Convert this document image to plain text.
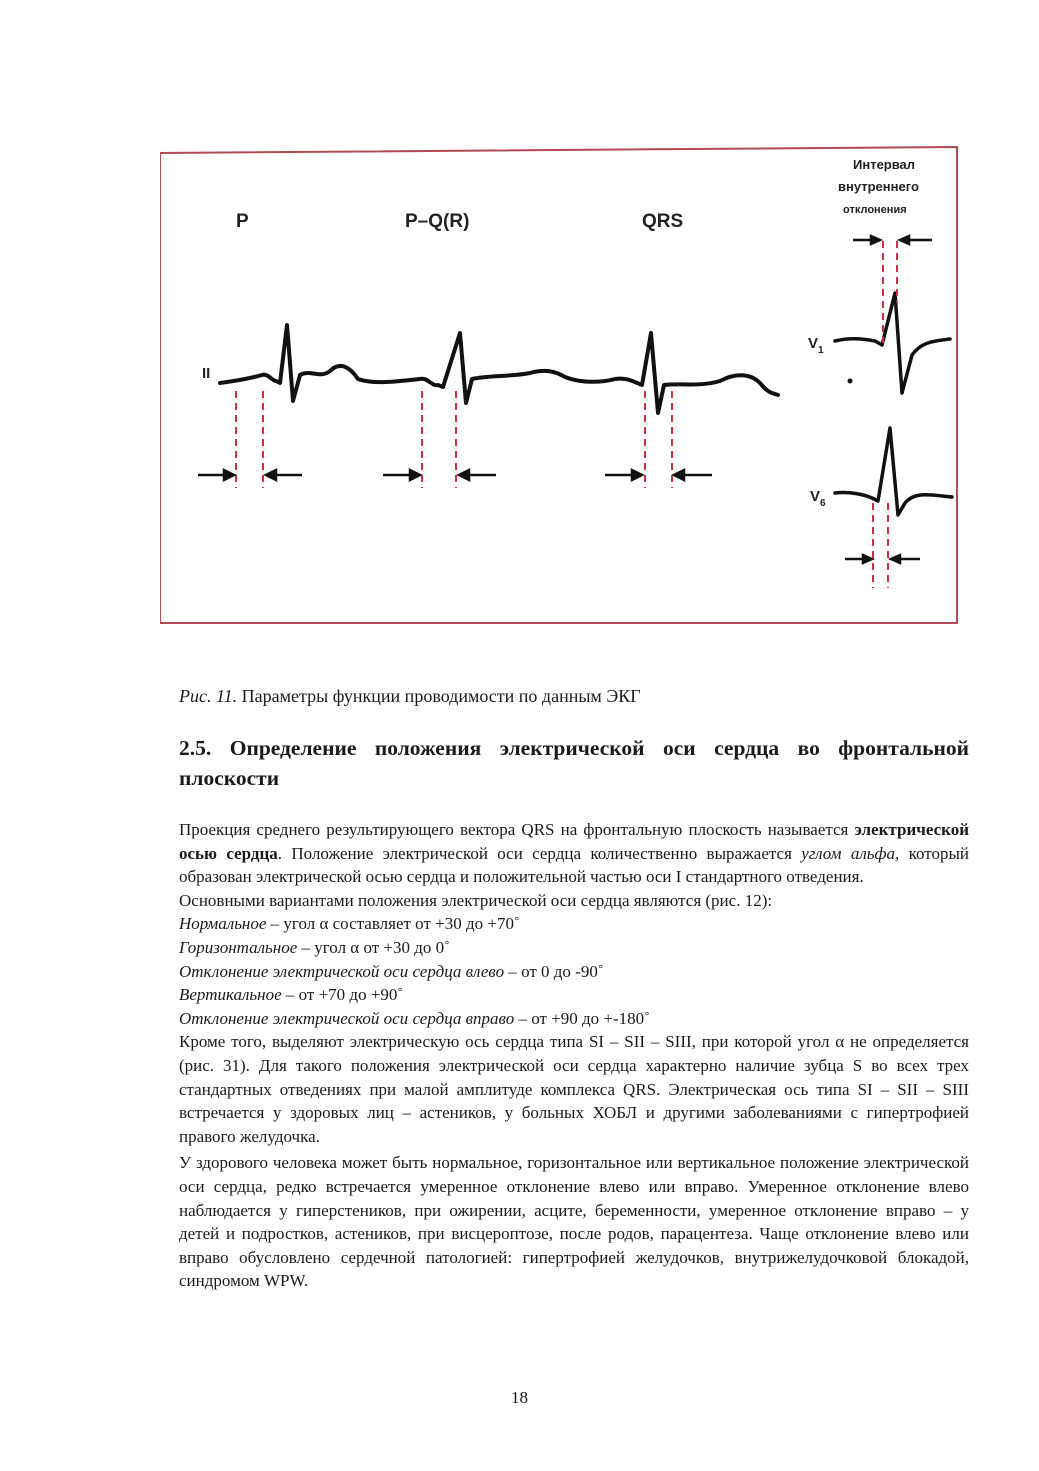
P	P–Q(R)	QRS
Интервал
внутреннего
отклонения
II
$V_1$
$V_6$
Рис. 11. Параметры функции проводимости по данным ЭКГ
2.5. Определение положения электрической оси сердца во фронтальной плоскости

Проекция среднего результирующего вектора QRS на фронтальную плоскость называется электрической осью сердца. Положение электрической оси сердца количественно выражается углом альфа, который образован электрической осью сердца и положительной частью оси I стандартного отведения.

Основными вариантами положения электрической оси сердца являются (рис. 12):

Нормальное – угол α составляет от +30 до +70˚

Горизонтальное – угол α от +30 до 0˚

Отклонение электрической оси сердца влево – от 0 до -90˚

Вертикальное – от +70 до +90˚

Отклонение электрической оси сердца вправо – от +90 до +-180˚

Кроме того, выделяют электрическую ось сердца типа SI – SII – SIII, при которой угол α не определяется (рис. 31). Для такого положения электрической оси сердца характерно наличие зубца S во всех трех стандартных отведениях при малой амплитуде комплекса QRS. Электрическая ось типа SI – SII – SIII встречается у здоровых лиц – астеников, у больных ХОБЛ и другими заболеваниями с гипертрофией правого желудочка.

У здорового человека может быть нормальное, горизонтальное или вертикальное положение электрической оси сердца, редко встречается умеренное отклонение влево или вправо. Умеренное отклонение влево наблюдается у гиперстеников, при ожирении, асците, беременности, умеренное отклонение вправо – у детей и подростков, астеников, при висцероптозе, после родов, парацентеза. Чаще отклонение влево или вправо обусловлено сердечной патологией: гипертрофией желудочков, внутрижелудочковой блокадой, синдромом WPW.

18
